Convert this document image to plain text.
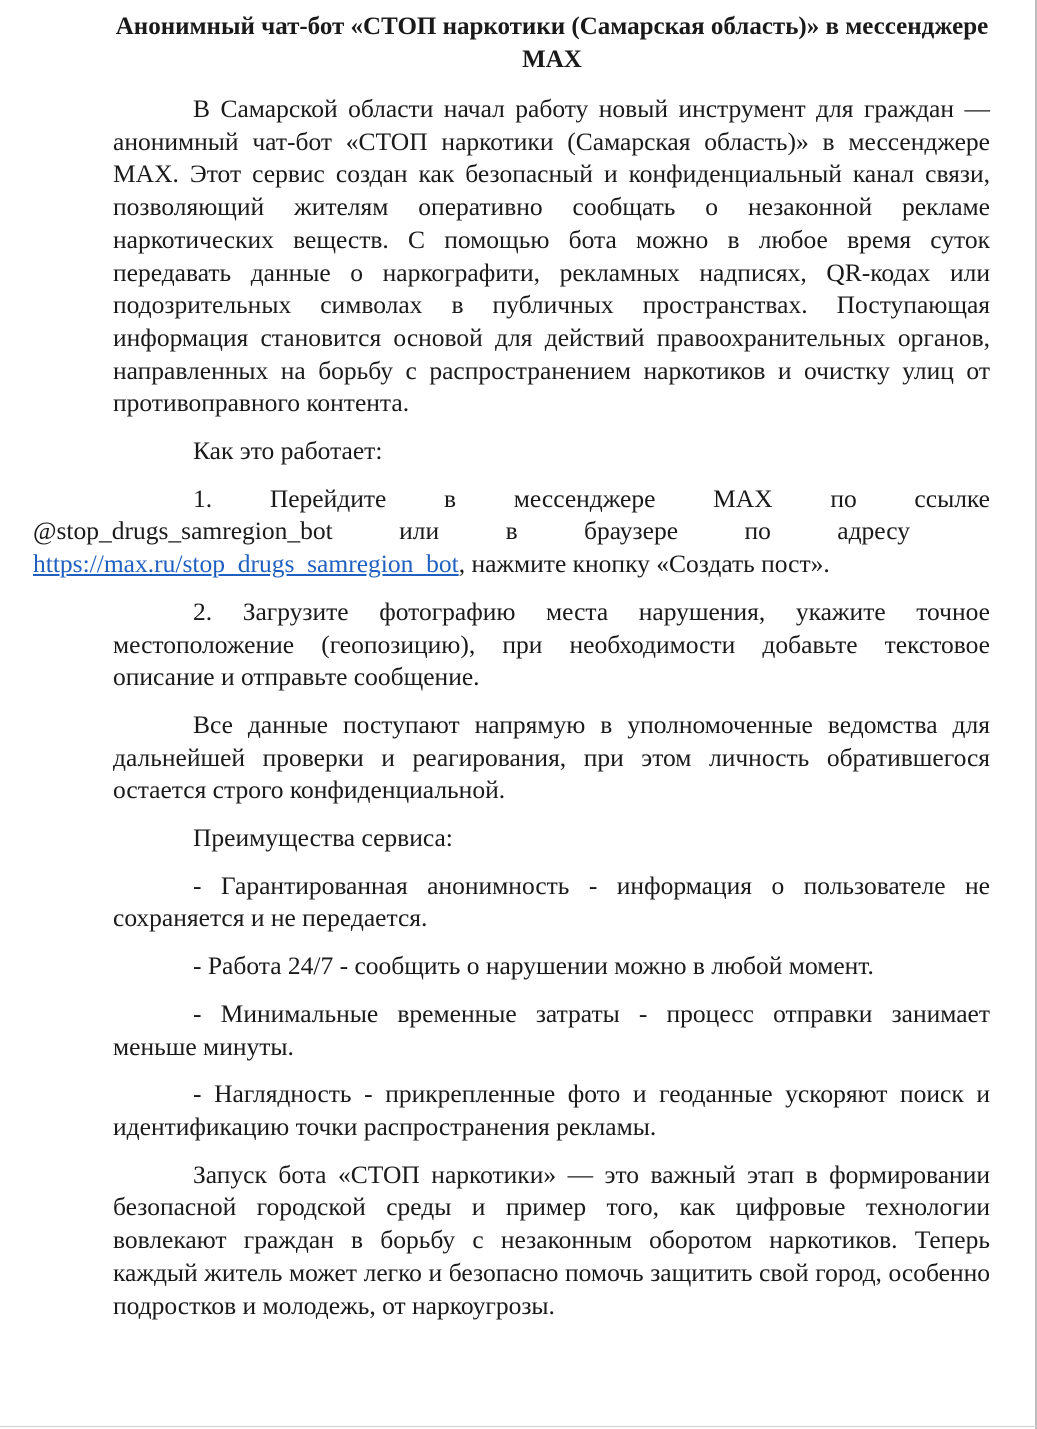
Анонимный чат-бот «СТОП наркотики (Самарская область)» в мессенджере MAX

В Самарской области начал работу новый инструмент для граждан — анонимный чат-бот «СТОП наркотики (Самарская область)» в мессенджере MAX. Этот сервис создан как безопасный и конфиденциальный канал связи, позволяющий жителям оперативно сообщать о незаконной рекламе наркотических веществ. С помощью бота можно в любое время суток передавать данные о наркографити, рекламных надписях, QR-кодах или подозрительных символах в публичных пространствах. Поступающая информация становится основой для действий правоохранительных органов, направленных на борьбу с распространением наркотиков и очистку улиц от противоправного контента.

Как это работает:

1. Перейдите в мессенджере MAX по ссылке
@stop_drugs_samregion_bot или в браузере по адресу
https://max.ru/stop_drugs_samregion_bot, нажмите кнопку «Создать пост».

2. Загрузите фотографию места нарушения, укажите точное местоположение (геопозицию), при необходимости добавьте текстовое описание и отправьте сообщение.

Все данные поступают напрямую в уполномоченные ведомства для дальнейшей проверки и реагирования, при этом личность обратившегося остается строго конфиденциальной.

Преимущества сервиса:

- Гарантированная анонимность - информация о пользователе не сохраняется и не передается.

- Работа 24/7 - сообщить о нарушении можно в любой момент.

- Минимальные временные затраты - процесс отправки занимает меньше минуты.

- Наглядность - прикрепленные фото и геоданные ускоряют поиск и идентификацию точки распространения рекламы.

Запуск бота «СТОП наркотики» — это важный этап в формировании безопасной городской среды и пример того, как цифровые технологии вовлекают граждан в борьбу с незаконным оборотом наркотиков. Теперь каждый житель может легко и безопасно помочь защитить свой город, особенно подростков и молодежь, от наркоугрозы.
